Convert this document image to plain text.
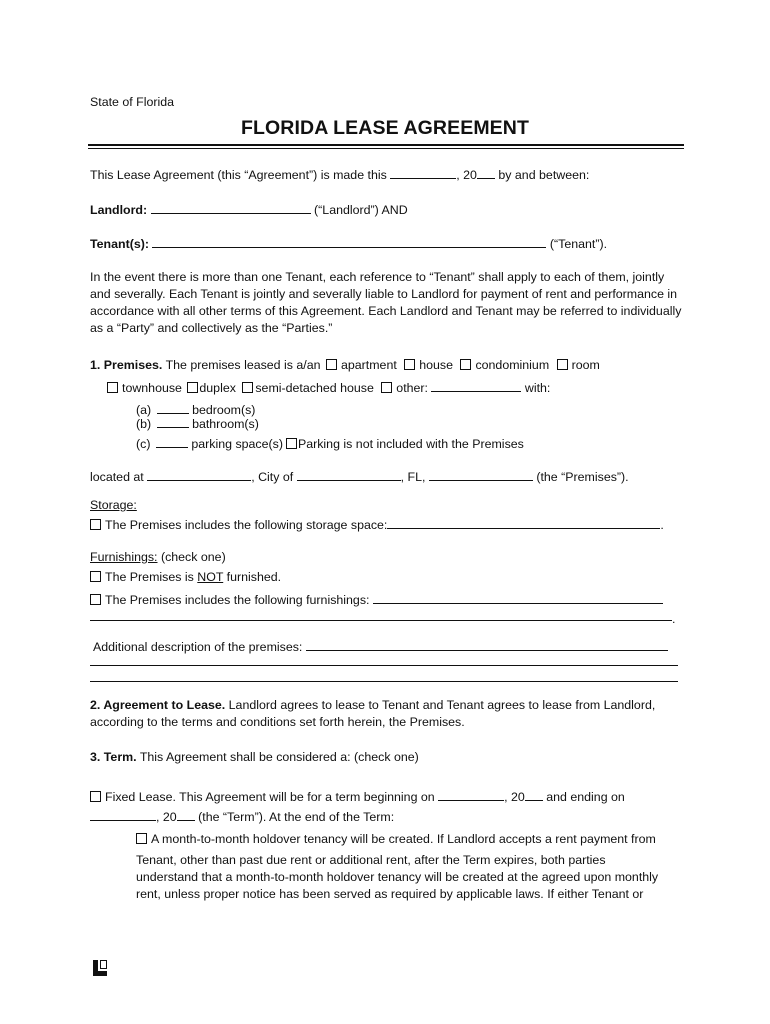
State of Florida
FLORIDA LEASE AGREEMENT
This Lease Agreement (this “Agreement”) is made this	, 20 by and between:
Landlord:	(“Landlord”) AND
Tenant(s):	(“Tenant”).
In the event there is more than one Tenant, each reference to “Tenant” shall apply to each of them, jointly and severally. Each Tenant is jointly and severally liable to Landlord for payment of rent and performance in accordance with all other terms of this Agreement. Each Landlord and Tenant may be referred to individually as a “Party” and collectively as the “Parties.”
1. Premises. The premises leased is a/an apartment house condominium room
townhouse duplex semi-detached house other:	with:
(a)	bedroom(s)
(b)	bathroom(s)
(c)	parking space(s) Parking is not included with the Premises
located at	, City of	, FL,	(the “Premises”).
Storage:
The Premises includes the following storage space:	.
Furnishings: (check one)
The Premises is NOT furnished.
The Premises includes the following furnishings:
.
Additional description of the premises:
2. Agreement to Lease. Landlord agrees to lease to Tenant and Tenant agrees to lease from Landlord,
according to the terms and conditions set forth herein, the Premises.
3. Term. This Agreement shall be considered a: (check one)
Fixed Lease. This Agreement will be for a term beginning on	, 20 and ending on
, 20 (the “Term”). At the end of the Term:
A month-to-month holdover tenancy will be created. If Landlord accepts a rent payment from
Tenant, other than past due rent or additional rent, after the Term expires, both parties
understand that a month-to-month holdover tenancy will be created at the agreed upon monthly
rent, unless proper notice has been served as required by applicable laws. If either Tenant or
